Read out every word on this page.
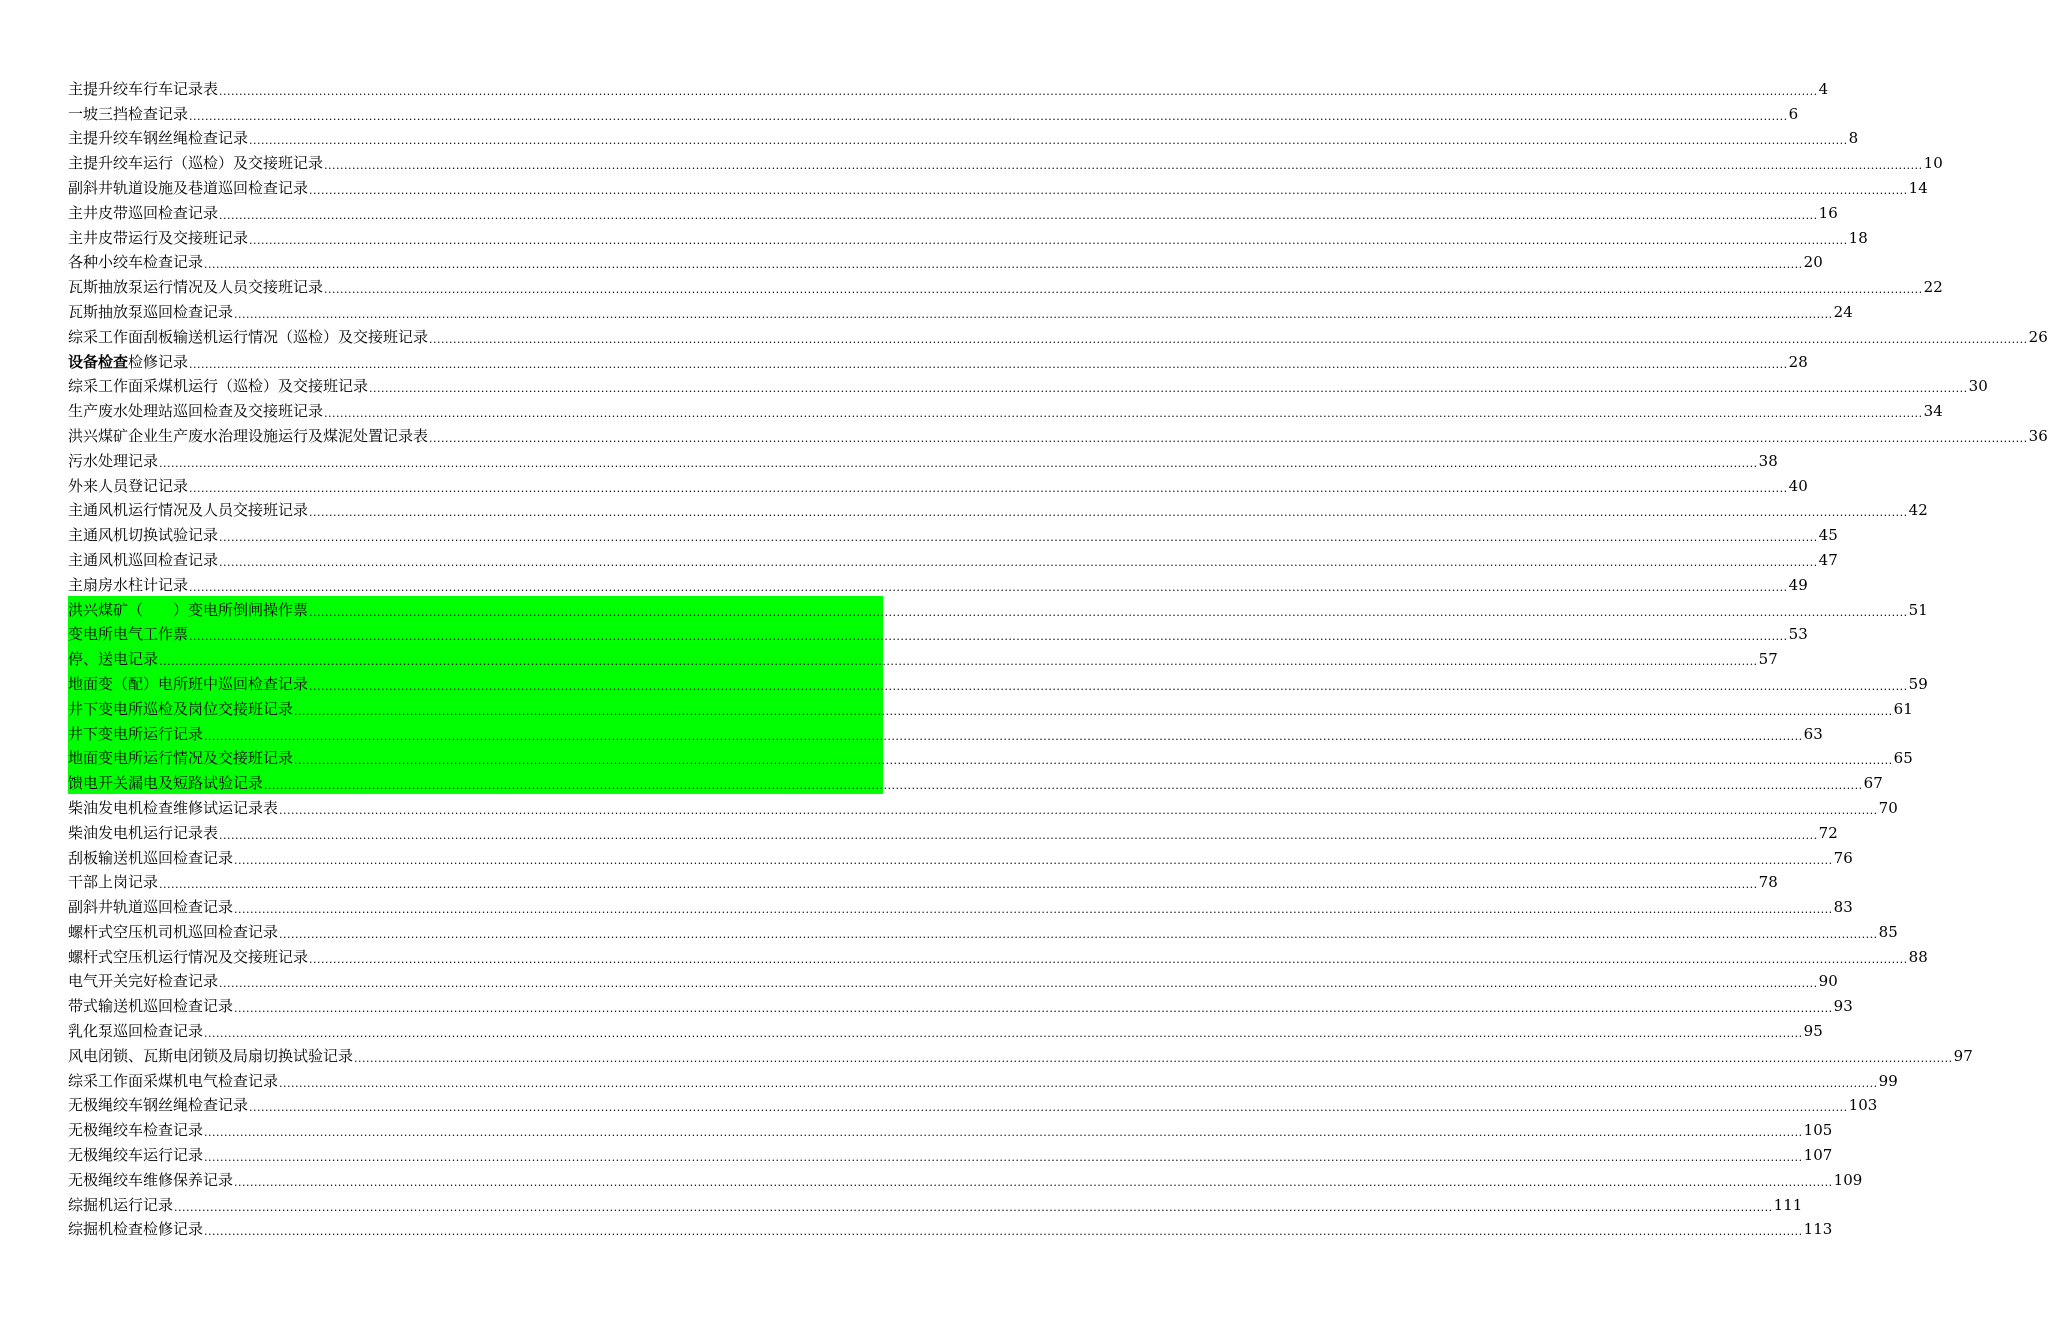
主提升绞车行车记录表 ................................................................................................................................................................................................................................................................................................................................................................................................................ 4
一坡三挡检查记录 ................................................................................................................................................................................................................................................................................................................................................................................................................ 6
主提升绞车钢丝绳检查记录 ................................................................................................................................................................................................................................................................................................................................................................................................................ 8
主提升绞车运行（巡检）及交接班记录 ................................................................................................................................................................................................................................................................................................................................................................................................................ 10
副斜井轨道设施及巷道巡回检查记录 ................................................................................................................................................................................................................................................................................................................................................................................................................ 14
主井皮带巡回检查记录 ................................................................................................................................................................................................................................................................................................................................................................................................................ 16
主井皮带运行及交接班记录 ................................................................................................................................................................................................................................................................................................................................................................................................................ 18
各种小绞车检查记录 ................................................................................................................................................................................................................................................................................................................................................................................................................ 20
瓦斯抽放泵运行情况及人员交接班记录 ................................................................................................................................................................................................................................................................................................................................................................................................................ 22
瓦斯抽放泵巡回检查记录 ................................................................................................................................................................................................................................................................................................................................................................................................................ 24
综采工作面刮板输送机运行情况（巡检）及交接班记录 ................................................................................................................................................................................................................................................................................................................................................................................................................ 26
设备检查检修记录 ................................................................................................................................................................................................................................................................................................................................................................................................................ 28
综采工作面采煤机运行（巡检）及交接班记录 ................................................................................................................................................................................................................................................................................................................................................................................................................ 30
生产废水处理站巡回检查及交接班记录 ................................................................................................................................................................................................................................................................................................................................................................................................................ 34
洪兴煤矿企业生产废水治理设施运行及煤泥处置记录表 ................................................................................................................................................................................................................................................................................................................................................................................................................ 36
污水处理记录 ................................................................................................................................................................................................................................................................................................................................................................................................................ 38
外来人员登记记录 ................................................................................................................................................................................................................................................................................................................................................................................................................ 40
主通风机运行情况及人员交接班记录 ................................................................................................................................................................................................................................................................................................................................................................................................................ 42
主通风机切换试验记录 ................................................................................................................................................................................................................................................................................................................................................................................................................ 45
主通风机巡回检查记录 ................................................................................................................................................................................................................................................................................................................................................................................................................ 47
主扇房水柱计记录 ................................................................................................................................................................................................................................................................................................................................................................................................................ 49
洪兴煤矿（　　）变电所倒闸操作票 ................................................................................................................................................................................................................................................................................................................................................................................................................ 51
变电所电气工作票 ................................................................................................................................................................................................................................................................................................................................................................................................................ 53
停、送电记录 ................................................................................................................................................................................................................................................................................................................................................................................................................ 57
地面变（配）电所班中巡回检查记录 ................................................................................................................................................................................................................................................................................................................................................................................................................ 59
井下变电所巡检及岗位交接班记录 ................................................................................................................................................................................................................................................................................................................................................................................................................ 61
井下变电所运行记录 ................................................................................................................................................................................................................................................................................................................................................................................................................ 63
地面变电所运行情况及交接班记录 ................................................................................................................................................................................................................................................................................................................................................................................................................ 65
馈电开关漏电及短路试验记录 ................................................................................................................................................................................................................................................................................................................................................................................................................ 67
柴油发电机检查维修试运记录表 ................................................................................................................................................................................................................................................................................................................................................................................................................ 70
柴油发电机运行记录表 ................................................................................................................................................................................................................................................................................................................................................................................................................ 72
刮板输送机巡回检查记录 ................................................................................................................................................................................................................................................................................................................................................................................................................ 76
干部上岗记录 ................................................................................................................................................................................................................................................................................................................................................................................................................ 78
副斜井轨道巡回检查记录 ................................................................................................................................................................................................................................................................................................................................................................................................................ 83
螺杆式空压机司机巡回检查记录 ................................................................................................................................................................................................................................................................................................................................................................................................................ 85
螺杆式空压机运行情况及交接班记录 ................................................................................................................................................................................................................................................................................................................................................................................................................ 88
电气开关完好检查记录 ................................................................................................................................................................................................................................................................................................................................................................................................................ 90
带式输送机巡回检查记录 ................................................................................................................................................................................................................................................................................................................................................................................................................ 93
乳化泵巡回检查记录 ................................................................................................................................................................................................................................................................................................................................................................................................................ 95
风电闭锁、瓦斯电闭锁及局扇切换试验记录 ................................................................................................................................................................................................................................................................................................................................................................................................................ 97
综采工作面采煤机电气检查记录 ................................................................................................................................................................................................................................................................................................................................................................................................................ 99
无极绳绞车钢丝绳检查记录 ................................................................................................................................................................................................................................................................................................................................................................................................................ 103
无极绳绞车检查记录 ................................................................................................................................................................................................................................................................................................................................................................................................................ 105
无极绳绞车运行记录 ................................................................................................................................................................................................................................................................................................................................................................................................................ 107
无极绳绞车维修保养记录 ................................................................................................................................................................................................................................................................................................................................................................................................................ 109
综掘机运行记录 ................................................................................................................................................................................................................................................................................................................................................................................................................ 111
综掘机检查检修记录 ................................................................................................................................................................................................................................................................................................................................................................................................................ 113
